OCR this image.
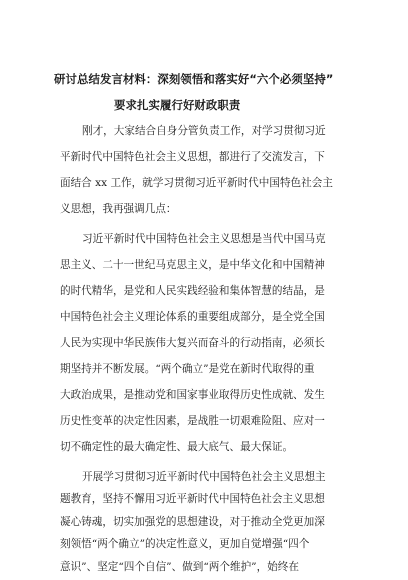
研讨总结发言材料：深刻领悟和落实好“六个必须坚持”
要求扎实履行好财政职责
刚才，大家结合自身分管负责工作，对学习贯彻习近
平新时代中国特色社会主义思想，都进行了交流发言，下
面结合 xx 工作，就学习贯彻习近平新时代中国特色社会主
义思想，我再强调几点：
习近平新时代中国特色社会主义思想是当代中国马克
思主义、二十一世纪马克思主义，是中华文化和中国精神
的时代精华，是党和人民实践经验和集体智慧的结晶，是
中国特色社会主义理论体系的重要组成部分，是全党全国
人民为实现中华民族伟大复兴而奋斗的行动指南，必须长
期坚持并不断发展。“两个确立”是党在新时代取得的重
大政治成果，是推动党和国家事业取得历史性成就、发生
历史性变革的决定性因素，是战胜一切艰难险阻、应对一
切不确定性的最大确定性、最大底气、最大保证。
开展学习贯彻习近平新时代中国特色社会主义思想主
题教育，坚持不懈用习近平新时代中国特色社会主义思想
凝心铸魂，切实加强党的思想建设，对于推动全党更加深
刻领悟“两个确立”的决定性意义，更加自觉增强“四个
意识”、坚定“四个自信”、做到“两个维护”，始终在
